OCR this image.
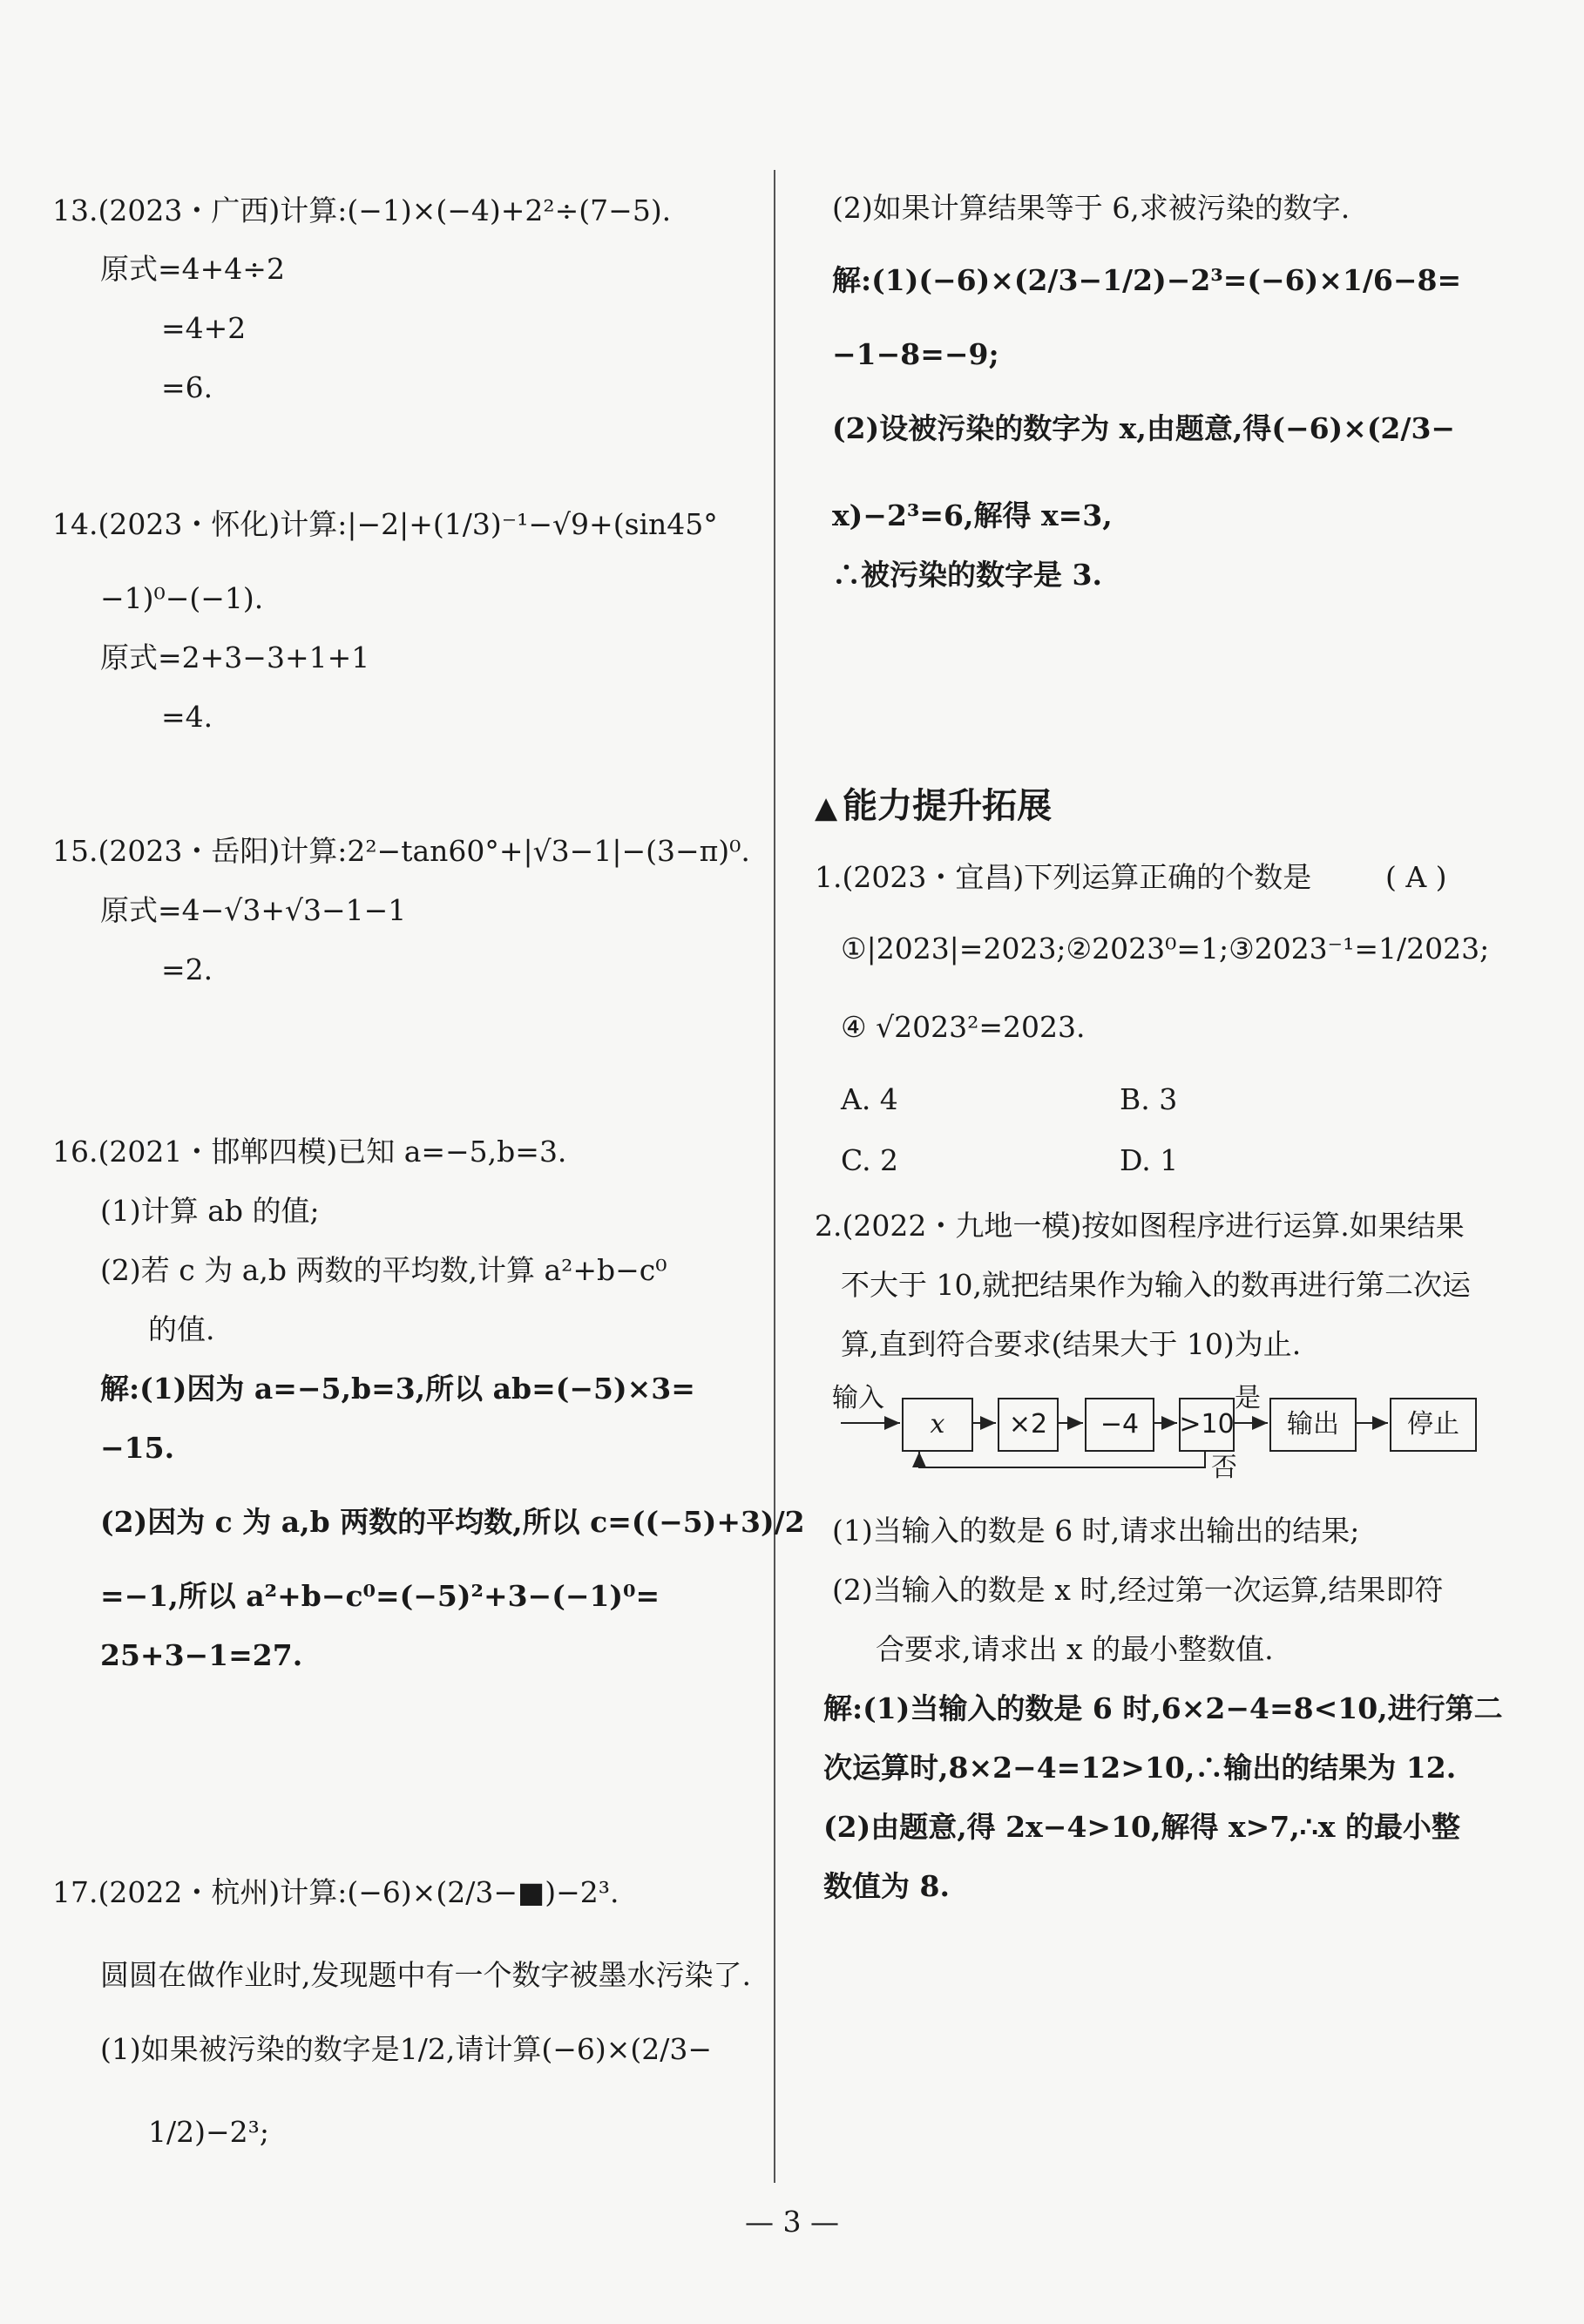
13.(2023・广西)计算:(−1)×(−4)+2²÷(7−5).
原式=4+4÷2
=4+2
=6.
14.(2023・怀化)计算:|−2|+(1/3)⁻¹−√9+(sin45°
−1)⁰−(−1).
原式=2+3−3+1+1
=4.
15.(2023・岳阳)计算:2²−tan60°+|√3−1|−(3−π)⁰.
原式=4−√3+√3−1−1
=2.
16.(2021・邯郸四模)已知 a=−5,b=3.
(1)计算 ab 的值;
(2)若 c 为 a,b 两数的平均数,计算 a²+b−c⁰
的值.
解:(1)因为 a=−5,b=3,所以 ab=(−5)×3=
−15.
(2)因为 c 为 a,b 两数的平均数,所以 c=((−5)+3)/2
=−1,所以 a²+b−c⁰=(−5)²+3−(−1)⁰=
25+3−1=27.
17.(2022・杭州)计算:(−6)×(2/3−■)−2³.
圆圆在做作业时,发现题中有一个数字被墨水污染了.
(1)如果被污染的数字是1/2,请计算(−6)×(2/3−
1/2)−2³;
(2)如果计算结果等于 6,求被污染的数字.
解:(1)(−6)×(2/3−1/2)−2³=(−6)×1/6−8=
−1−8=−9;
(2)设被污染的数字为 x,由题意,得(−6)×(2/3−
x)−2³=6,解得 x=3,
∴被污染的数字是 3.
▲ 能力提升拓展
1.(2023・宜昌)下列运算正确的个数是	( A )
①|2023|=2023;②2023⁰=1;③2023⁻¹=1/2023;
④ √2023²=2023.
A. 4	B. 3
C. 2	D. 1
2.(2022・九地一模)按如图程序进行运算.如果结果
不大于 10,就把结果作为输入的数再进行第二次运
算,直到符合要求(结果大于 10)为止.
输入
x	×2	−4	>10
是
否
输出	停止
(1)当输入的数是 6 时,请求出输出的结果;
(2)当输入的数是 x 时,经过第一次运算,结果即符
合要求,请求出 x 的最小整数值.
解:(1)当输入的数是 6 时,6×2−4=8<10,进行第二
次运算时,8×2−4=12>10,∴输出的结果为 12.
(2)由题意,得 2x−4>10,解得 x>7,∴x 的最小整
数值为 8.
— 3 —
